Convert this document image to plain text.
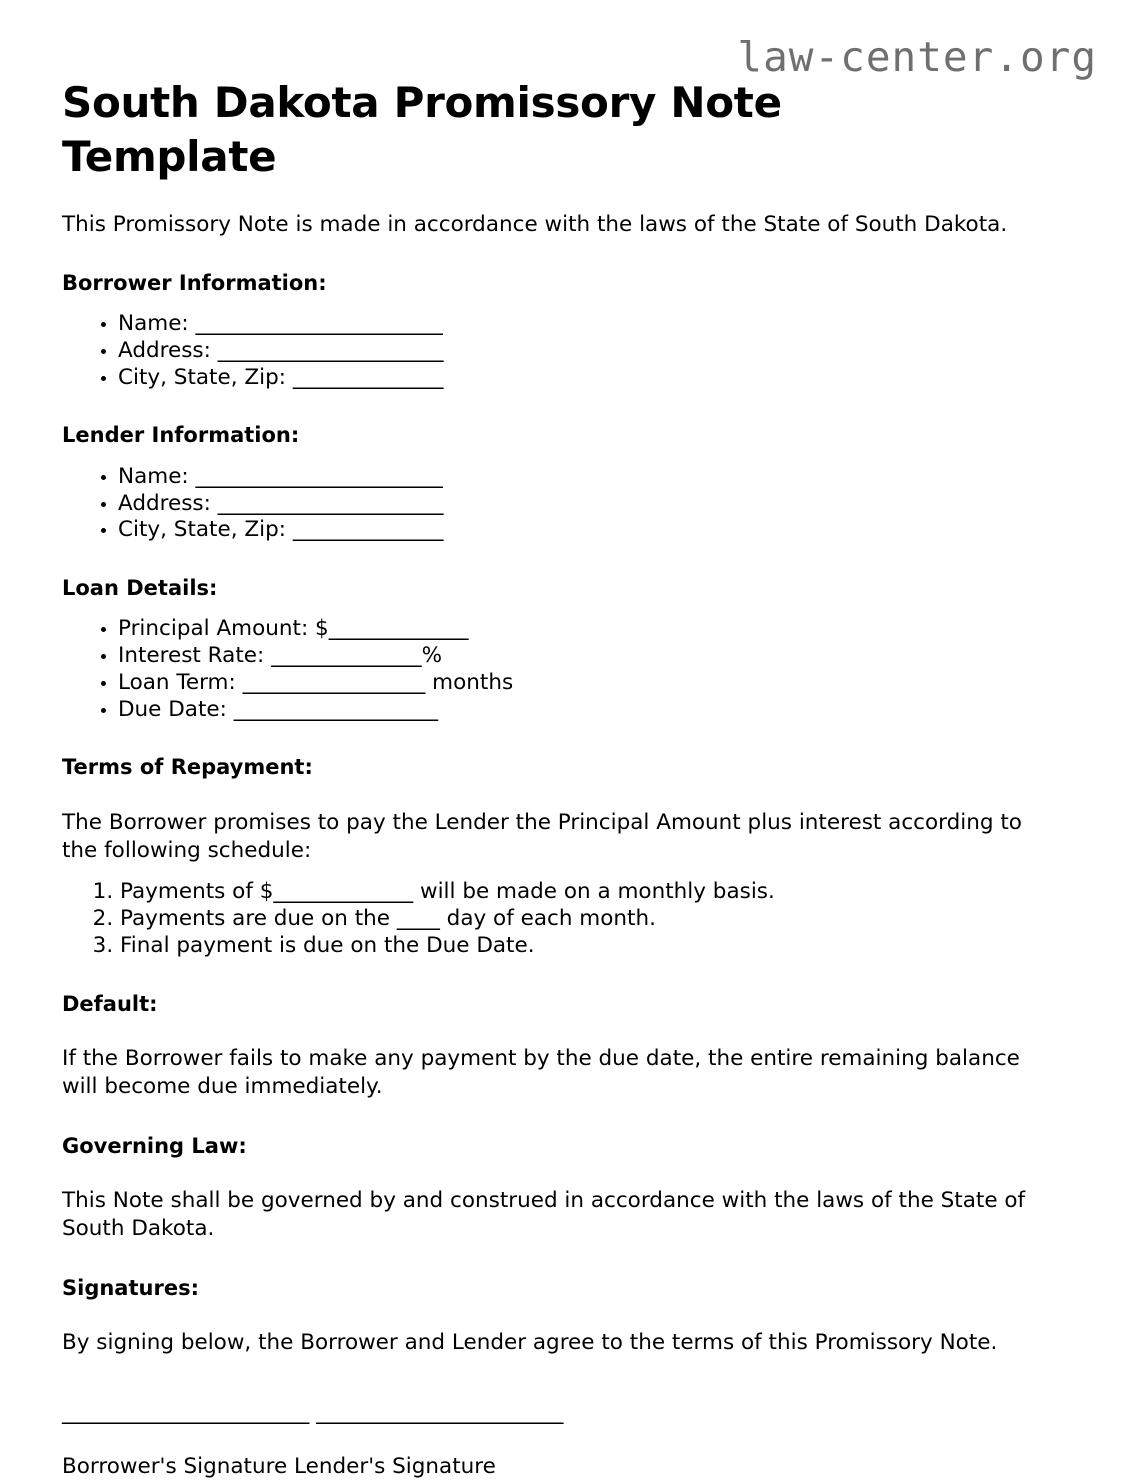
law-center.org
South Dakota Promissory Note Template

This Promissory Note is made in accordance with the laws of the State of South Dakota.

Borrower Information:
• Name: _______________________
• Address: _____________________
• City, State, Zip: ______________
Lender Information:
• Name: _______________________
• Address: _____________________
• City, State, Zip: ______________
Loan Details:
• Principal Amount: $_____________
• Interest Rate: ______________%
• Loan Term: _________________ months
• Due Date: ___________________
Terms of Repayment:

The Borrower promises to pay the Lender the Principal Amount plus interest according to the following schedule:

1. Payments of $_____________ will be made on a monthly basis.
2. Payments are due on the ____ day of each month.
3. Final payment is due on the Due Date.
Default:

If the Borrower fails to make any payment by the due date, the entire remaining balance will become due immediately.

Governing Law:

This Note shall be governed by and construed in accordance with the laws of the State of South Dakota.

Signatures:

By signing below, the Borrower and Lender agree to the terms of this Promissory Note.

_______________________ _______________________
Borrower's Signature Lender's Signature
